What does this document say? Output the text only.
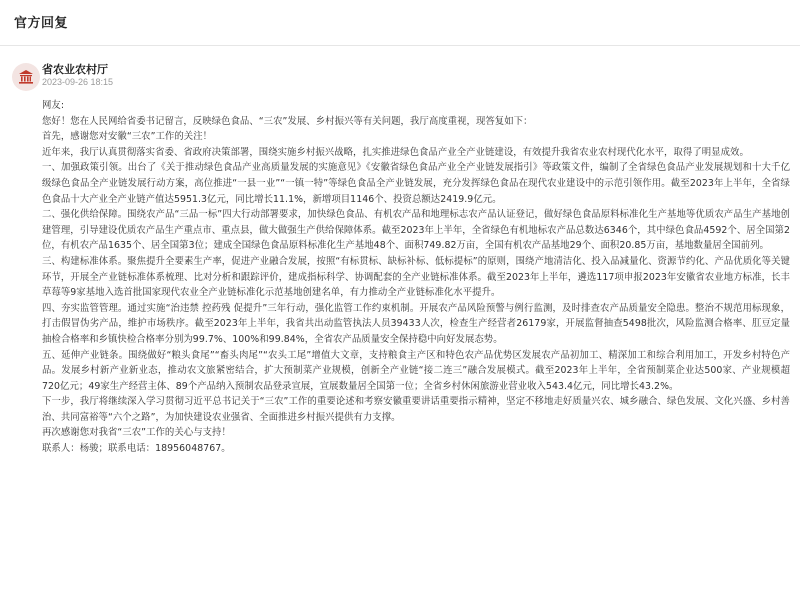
官方回复
省农业农村厅
2023-09-26 18:15

网友:

您好！您在人民网给省委书记留言，反映绿色食品、“三农”发展、乡村振兴等有关问题，我厅高度重视，现答复如下：

首先，感谢您对安徽“三农”工作的关注！

近年来，我厅认真贯彻落实省委、省政府决策部署，围绕实施乡村振兴战略，扎实推进绿色食品产业全产业链建设，有效提升我省农业农村现代化水平，取得了明显成效。

一、加强政策引领。出台了《关于推动绿色食品产业高质量发展的实施意见》《安徽省绿色食品产业全产业链发展指引》等政策文件，编制了全省绿色食品产业发展规划和十大千亿级绿色食品全产业链发展行动方案，高位推进“一县一业”“一镇一特”等绿色食品全产业链发展，充分发挥绿色食品在现代农业建设中的示范引领作用。截至2023年上半年，全省绿色食品十大产业全产业链产值达5951.3亿元，同比增长11.1%，新增项目1146个、投资总额达2419.9亿元。

二、强化供给保障。围绕农产品“三品一标”四大行动部署要求，加快绿色食品、有机农产品和地理标志农产品认证登记，做好绿色食品原料标准化生产基地等优质农产品生产基地创建管理，引导建设优质农产品生产重点市、重点县，做大做强生产供给保障体系。截至2023年上半年，全省绿色有机地标农产品总数达6346个，其中绿色食品4592个、居全国第2位，有机农产品1635个、居全国第3位；建成全国绿色食品原料标准化生产基地48个、面积749.82万亩，全国有机农产品基地29个、面积20.85万亩，基地数量居全国前列。

三、构建标准体系。聚焦提升全要素生产率，促进产业融合发展，按照“有标贯标、缺标补标、低标提标”的原则，围绕产地清洁化、投入品减量化、资源节约化、产品优质化等关键环节，开展全产业链标准体系梳理、比对分析和跟踪评价，建成指标科学、协调配套的全产业链标准体系。截至2023年上半年，遴选117项申报2023年安徽省农业地方标准，长丰草莓等9家基地入选首批国家现代农业全产业链标准化示范基地创建名单，有力推动全产业链标准化水平提升。

四、夯实监管管理。通过实施“治违禁 控药残 促提升”三年行动，强化监管工作约束机制。开展农产品风险预警与例行监测，及时排查农产品质量安全隐患。整治不规范用标现象，打击假冒伪劣产品，维护市场秩序。截至2023年上半年，我省共出动监管执法人员39433人次，检查生产经营者26179家，开展监督抽查5498批次，风险监测合格率、肛豆定量抽检合格率和乡镇快检合格率分别为99.7%、100%和99.84%，全省农产品质量安全保持稳中向好发展态势。

五、延伸产业链条。围绕做好“粮头食尾”“畜头肉尾”“农头工尾”增值大文章，支持粮食主产区和特色农产品优势区发展农产品初加工、精深加工和综合利用加工，开发乡村特色产品。发展乡村新产业新业态，推动农文旅紧密结合，扩大预制菜产业规模，创新全产业链“接二连三”融合发展模式。截至2023年上半年，全省预制菜企业达500家、产业规模超720亿元；49家生产经营主体、89个产品纳入预制农品登录宣展，宣展数量居全国第一位；全省乡村休闲旅游业营业收入543.4亿元，同比增长43.2%。

下一步，我厅将继续深入学习贯彻习近平总书记关于“三农”工作的重要论述和考察安徽重要讲话重要指示精神，坚定不移地走好质量兴农、城乡融合、绿色发展、文化兴盛、乡村善治、共同富裕等“六个之路”，为加快建设农业强省、全面推进乡村振兴提供有力支撑。

再次感谢您对我省“三农”工作的关心与支持！

联系人：杨骏；联系电话：18956048767。
